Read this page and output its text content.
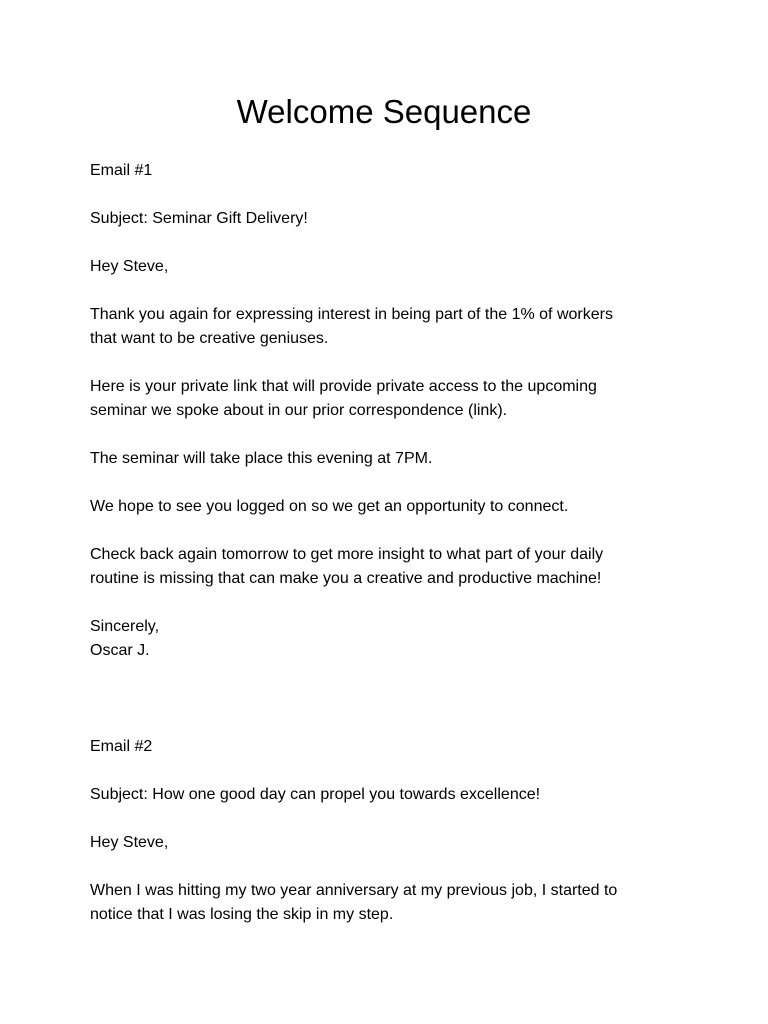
Welcome Sequence

Email #1

Subject: Seminar Gift Delivery!

Hey Steve,

Thank you again for expressing interest in being part of the 1% of workers
that want to be creative geniuses.

Here is your private link that will provide private access to the upcoming
seminar we spoke about in our prior correspondence (link).

The seminar will take place this evening at 7PM.

We hope to see you logged on so we get an opportunity to connect.

Check back again tomorrow to get more insight to what part of your daily
routine is missing that can make you a creative and productive machine!

Sincerely,
Oscar J.

Email #2

Subject: How one good day can propel you towards excellence!

Hey Steve,

When I was hitting my two year anniversary at my previous job, I started to
notice that I was losing the skip in my step.
